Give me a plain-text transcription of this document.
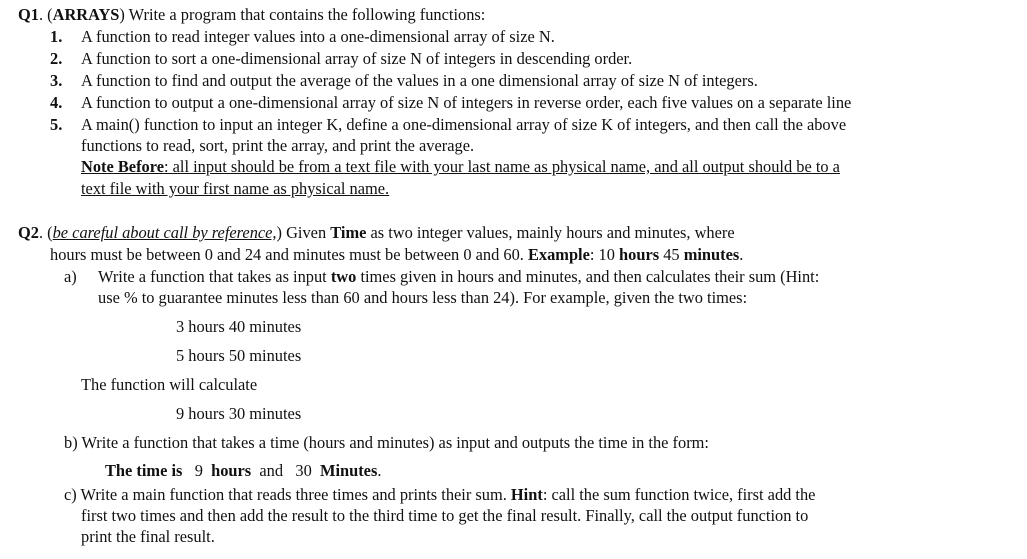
Q1. (ARRAYS) Write a program that contains the following functions:
1. A function to read integer values into a one-dimensional array of size N.
2. A function to sort a one-dimensional array of size N of integers in descending order.
3. A function to find and output the average of the values in a one dimensional array of size N of integers.
4. A function to output a one-dimensional array of size N of integers in reverse order, each five values on a separate line
5. A main() function to input an integer K, define a one-dimensional array of size K of integers, and then call the above
functions to read, sort, print the array, and print the average.
Note Before: all input should be from a text file with your last name as physical name, and all output should be to a
text file with your first name as physical name.
Q2. (be careful about call by reference,) Given Time as two integer values, mainly hours and minutes, where
hours must be between 0 and 24 and minutes must be between 0 and 60. Example: 10 hours 45 minutes.
a) Write a function that takes as input two times given in hours and minutes, and then calculates their sum (Hint:
use % to guarantee minutes less than 60 and hours less than 24). For example, given the two times:
3 hours 40 minutes
5 hours 50 minutes
The function will calculate
9 hours 30 minutes
b) Write a function that takes a time (hours and minutes) as input and outputs the time in the form:
The time is 9 hours and 30 Minutes.
c) Write a main function that reads three times and prints their sum. Hint: call the sum function twice, first add the
first two times and then add the result to the third time to get the final result. Finally, call the output function to
print the final result.
